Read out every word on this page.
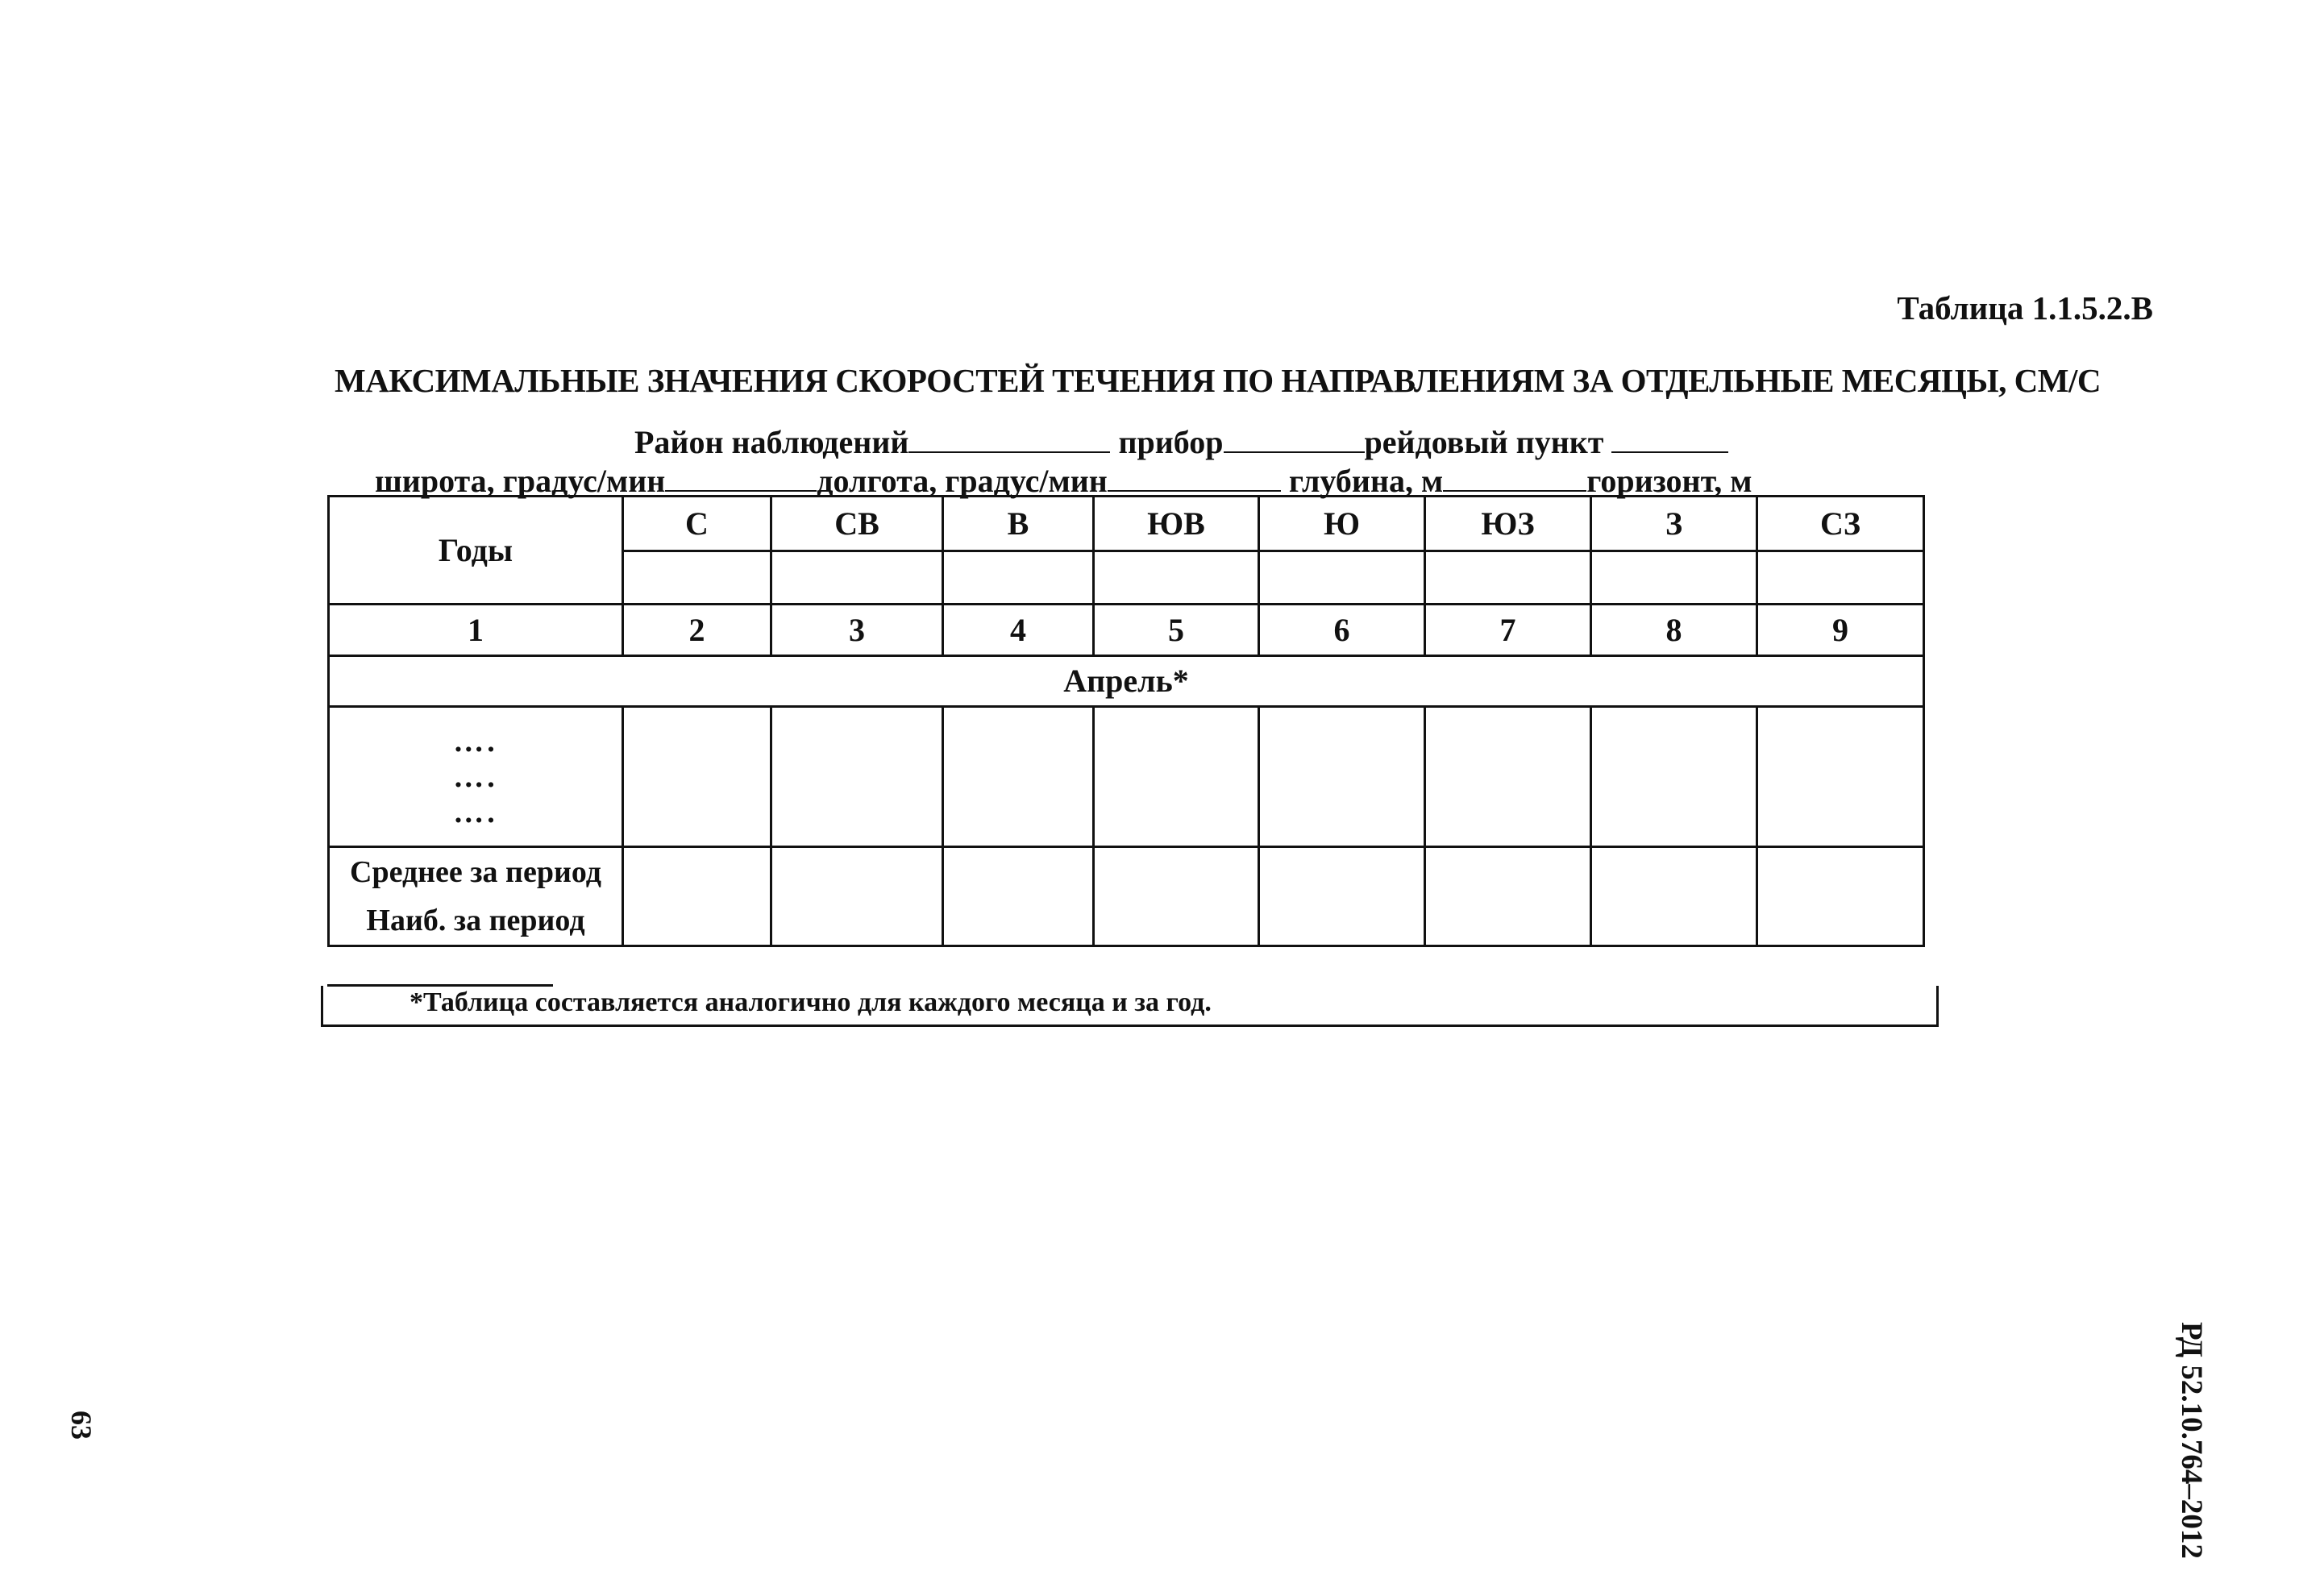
Таблица 1.1.5.2.В
МАКСИМАЛЬНЫЕ ЗНАЧЕНИЯ СКОРОСТЕЙ ТЕЧЕНИЯ ПО НАПРАВЛЕНИЯМ ЗА ОТДЕЛЬНЫЕ МЕСЯЦЫ, СМ/С
Район наблюдений	прибор	рейдовый пункт
широта, градус/мин	долгота, градус/мин	глубина, м	горизонт, м
Годы	С	СВ	В	ЮВ	Ю	ЮЗ	З	СЗ

1	2	3	4	5	6	7	8	9
Апрель*								

….
….
….								

Среднее за период
Наиб. за период								

*Таблица составляется аналогично для каждого месяца и за год.
РД 52.10.764–2012
63
